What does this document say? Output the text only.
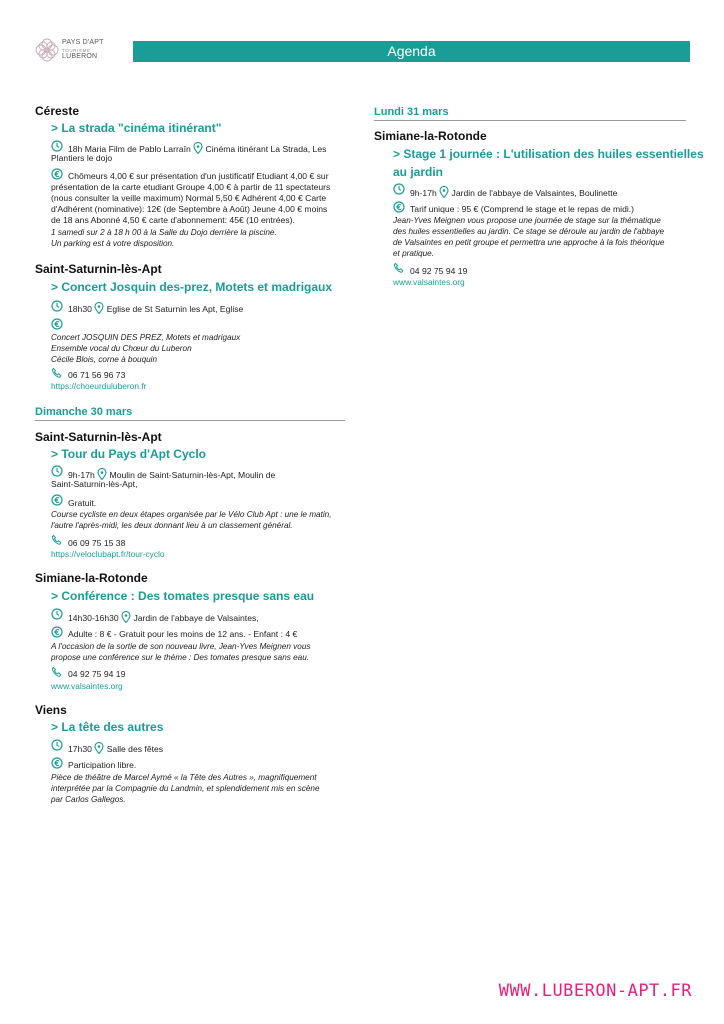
PAYS D'APT
TOURISME
LUBERON	Agenda
Céreste
> La strada "cinéma itinérant"
18h Maria Film de Pablo Larraîn Cinéma itinérant La Strada, Les
Plantiers le dojo
Chômeurs 4,00 € sur présentation d'un justificatif Etudiant 4,00 € sur
présentation de la carte etudiant Groupe 4,00 € à partir de 11 spectateurs
(nous consulter la veille maximum) Normal 5,50 € Adhérent 4,00 € Carte
d'Adhérent (nominative): 12€ (de Septembre à Août) Jeune 4,00 € moins
de 18 ans Abonné 4,50 € carte d'abonnement: 45€ (10 entrées).
1 samedi sur 2 à 18 h 00 à la Salle du Dojo derrière la piscine.
Un parking est à votre disposition.
Saint-Saturnin-lès-Apt
> Concert Josquin des-prez, Motets et madrigaux
18h30 Eglise de St Saturnin les Apt, Eglise
Concert JOSQUIN DES PREZ, Motets et madrigaux
Ensemble vocal du Chœur du Luberon
Cécile Blois, corne à bouquin
06 71 56 96 73
https://choeurduluberon.fr
Dimanche 30 mars
Saint-Saturnin-lès-Apt
> Tour du Pays d'Apt Cyclo
9h-17h Moulin de Saint-Saturnin-lès-Apt, Moulin de
Saint-Saturnin-lès-Apt,
Gratuit.
Course cycliste en deux étapes organisée par le Vélo Club Apt : une le matin,
l'autre l'après-midi, les deux donnant lieu à un classement général.
06 09 75 15 38
https://veloclubapt.fr/tour-cyclo
Simiane-la-Rotonde
> Conférence : Des tomates presque sans eau
14h30-16h30 Jardin de l'abbaye de Valsaintes,
Adulte : 8 € - Gratuit pour les moins de 12 ans. - Enfant : 4 €
A l'occasion de la sortie de son nouveau livre, Jean-Yves Meignen vous
propose une conférence sur le thème : Des tomates presque sans eau.
04 92 75 94 19
www.valsaintes.org
Viens
> La tête des autres
17h30 Salle des fêtes
Participation libre.
Pièce de théâtre de Marcel Aymé « la Tête des Autres », magnifiquement
interprétée par la Compagnie du Landmin, et splendidement mis en scène
par Carlos Gallegos.
Lundi 31 mars
Simiane-la-Rotonde
> Stage 1 journée : L'utilisation des huiles essentielles
au jardin
9h-17h Jardin de l'abbaye de Valsaintes, Boulinette
Tarif unique : 95 € (Comprend le stage et le repas de midi.)
Jean-Yves Meignen vous propose une journée de stage sur la thématique
des huiles essentielles au jardin. Ce stage se déroule au jardin de l'abbaye
de Valsaintes en petit groupe et permettra une approche à la fois théorique
et pratique.
04 92 75 94 19
www.valsaintes.org
WWW.LUBERON-APT.FR
